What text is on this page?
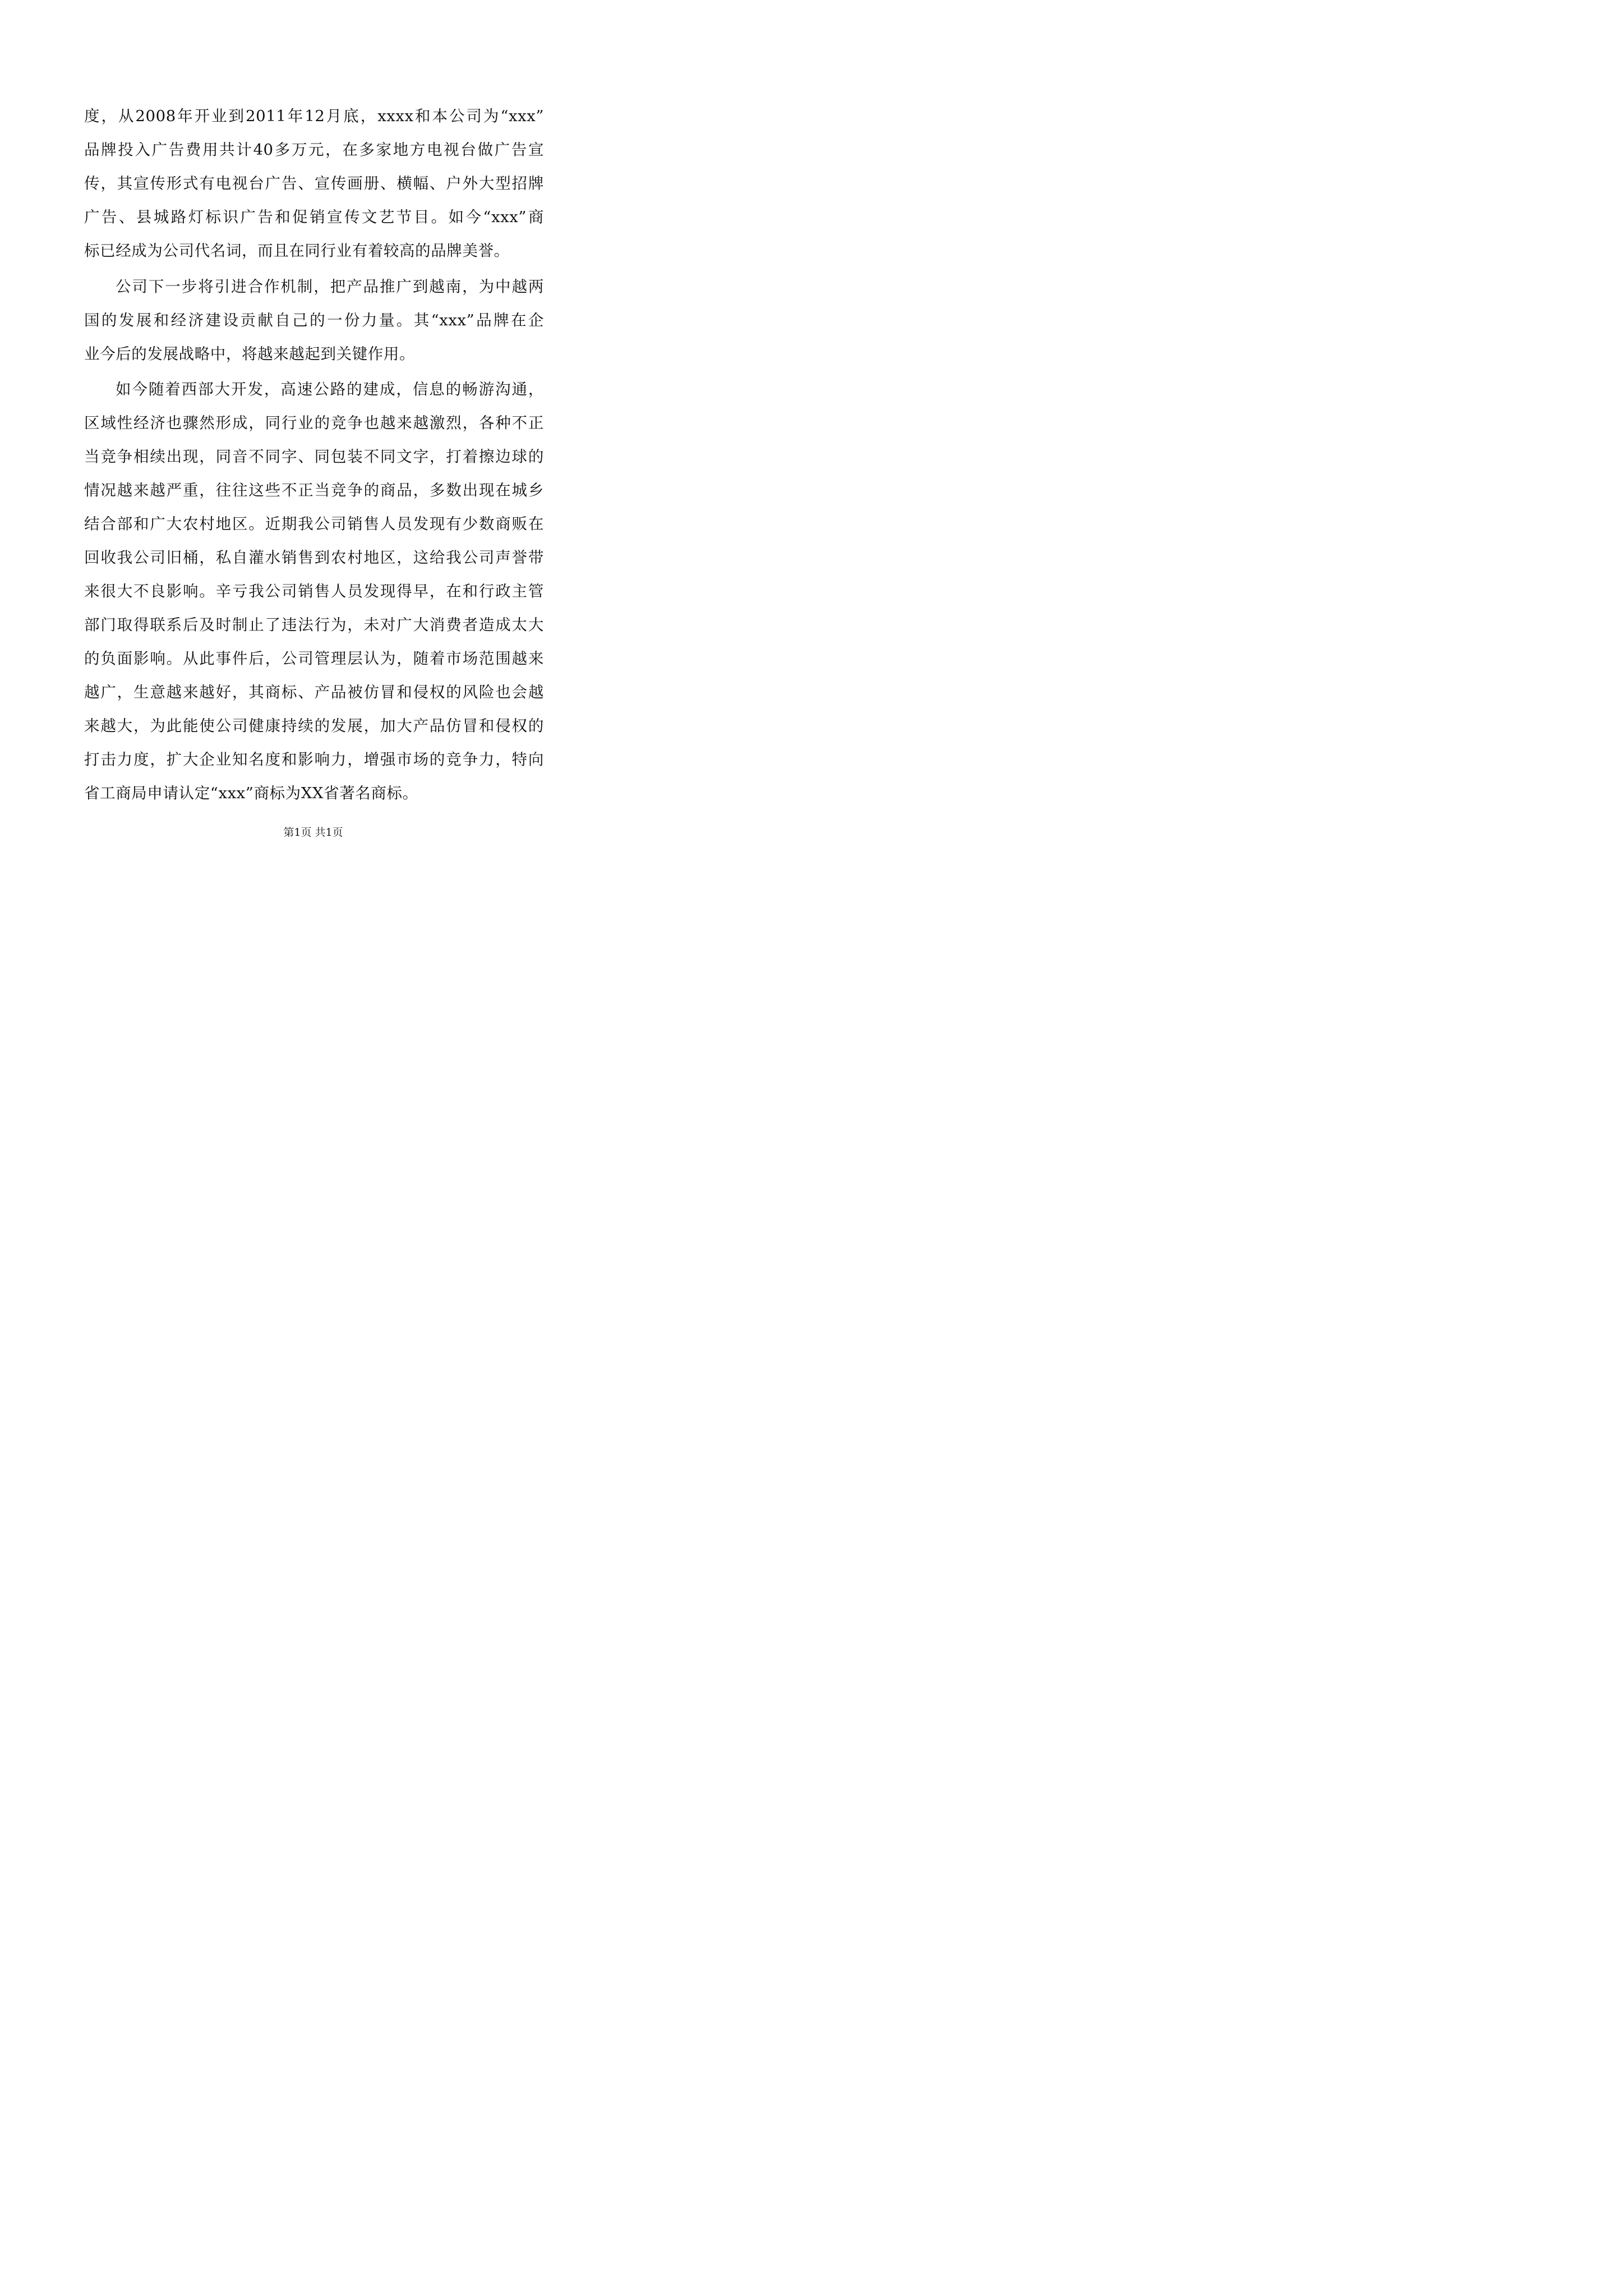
度，从2008年开业到2011年12月底，xxxx和本公司为“xxx”
品牌投入广告费用共计40多万元，在多家地方电视台做广告宣
传，其宣传形式有电视台广告、宣传画册、横幅、户外大型招牌
广告、县城路灯标识广告和促销宣传文艺节目。如今“xxx”商
标已经成为公司代名词，而且在同行业有着较高的品牌美誉。
公司下一步将引进合作机制，把产品推广到越南，为中越两
国的发展和经济建设贡献自己的一份力量。其“xxx”品牌在企
业今后的发展战略中，将越来越起到关键作用。
如今随着西部大开发，高速公路的建成，信息的畅游沟通，
区域性经济也骤然形成，同行业的竞争也越来越激烈，各种不正
当竞争相续出现，同音不同字、同包装不同文字，打着擦边球的
情况越来越严重，往往这些不正当竞争的商品，多数出现在城乡
结合部和广大农村地区。近期我公司销售人员发现有少数商贩在
回收我公司旧桶，私自灌水销售到农村地区，这给我公司声誉带
来很大不良影响。辛亏我公司销售人员发现得早，在和行政主管
部门取得联系后及时制止了违法行为，未对广大消费者造成太大
的负面影响。从此事件后，公司管理层认为，随着市场范围越来
越广，生意越来越好，其商标、产品被仿冒和侵权的风险也会越
来越大，为此能使公司健康持续的发展，加大产品仿冒和侵权的
打击力度，扩大企业知名度和影响力，增强市场的竞争力，特向
省工商局申请认定“xxx”商标为XX省著名商标。
第1页 共1页
